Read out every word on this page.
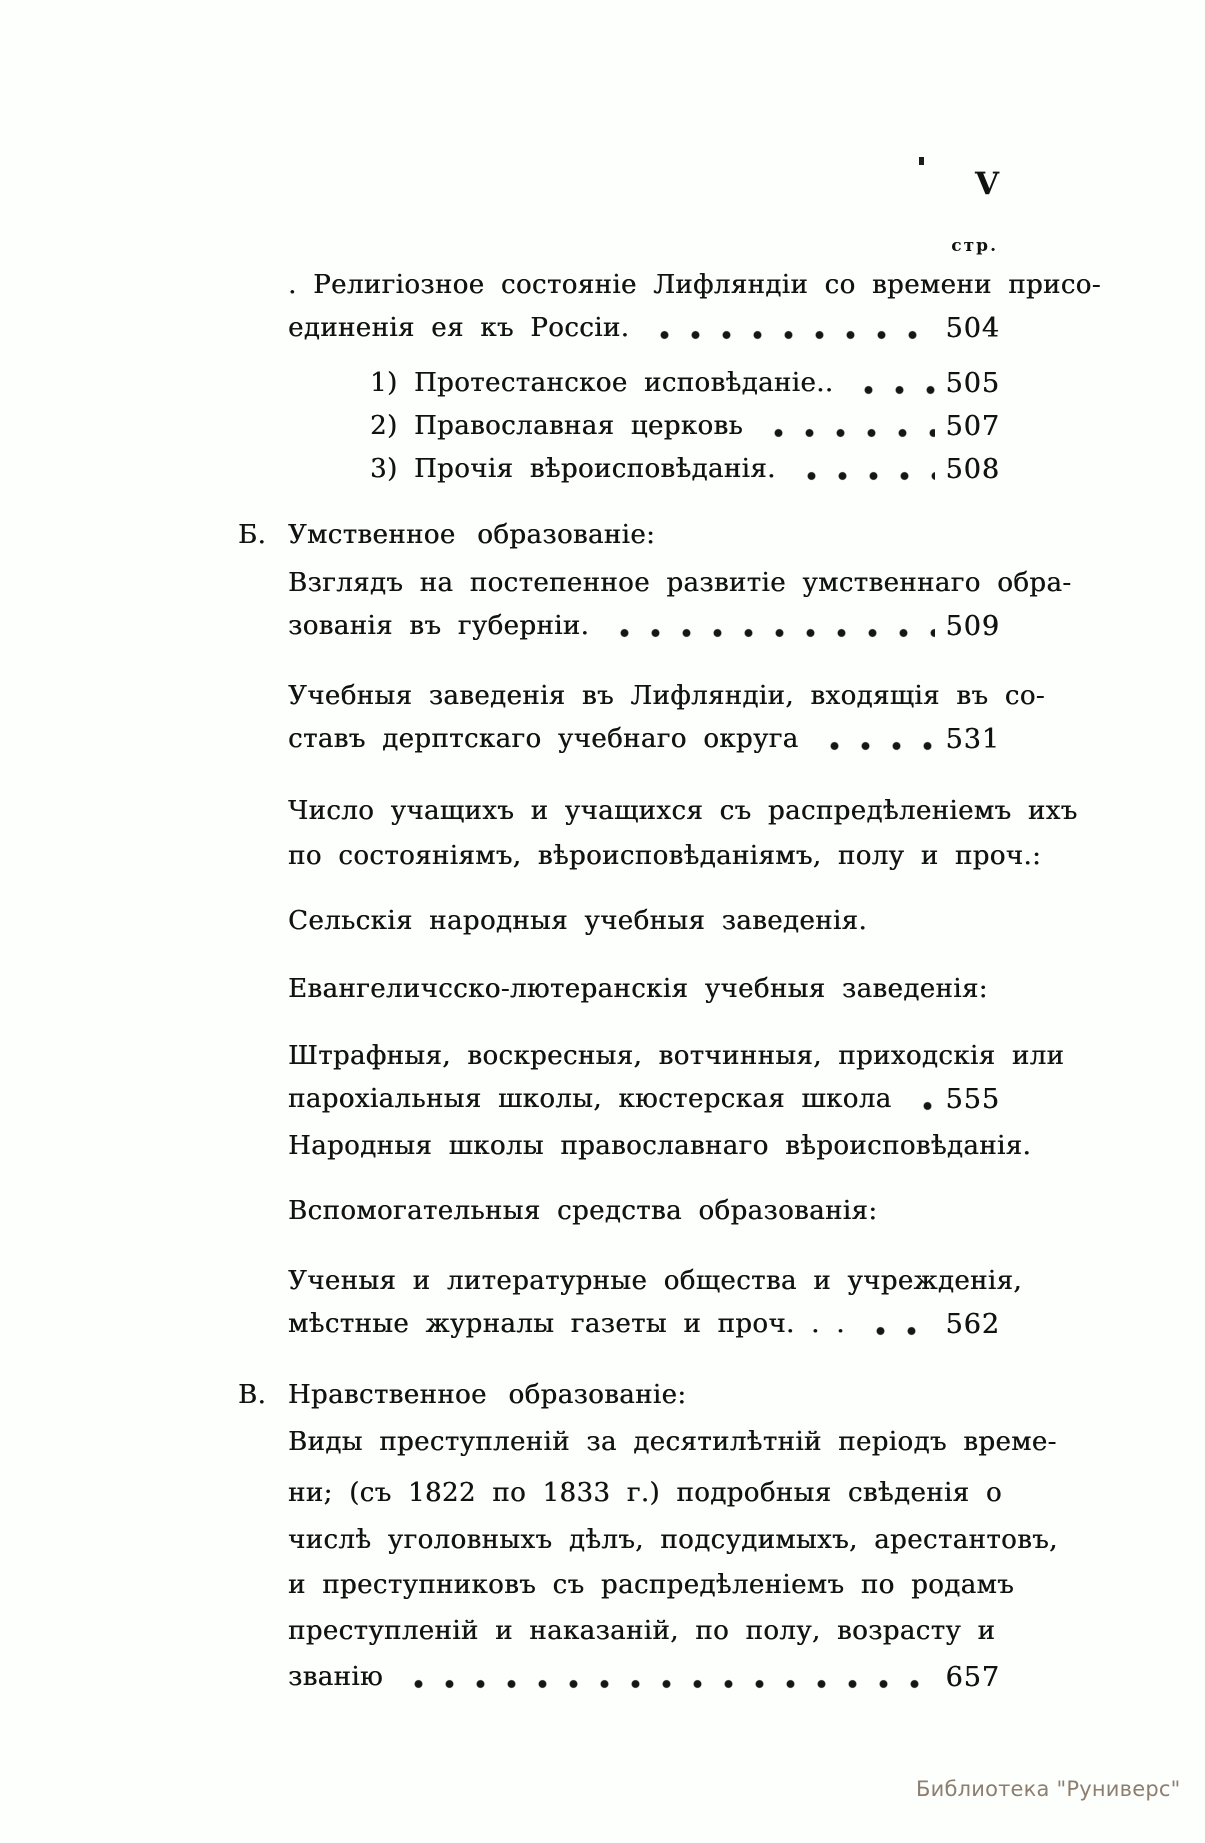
V
стр.
. Религіозное состояніе Лифляндіи со времени присо-
единенія ея къ Россіи.	504
1) Протестанское исповѣданіе..	505
2) Православная церковь	507
3) Прочія вѣроисповѣданія.	508
Б. Умственное образованіе:
Взглядъ на постепенное развитіе умственнаго обра-
зованія въ губерніи.	509
Учебныя заведенія въ Лифляндіи, входящія въ со-
ставъ дерптскаго учебнаго округа	531
Число учащихъ и учащихся съ распредѣленіемъ ихъ
по состояніямъ, вѣроисповѣданіямъ, полу и проч.:
Сельскія народныя учебныя заведенія.
Евангеличсско-лютеранскія учебныя заведенія:
Штрафныя, воскресныя, вотчинныя, приходскія или
парохіальныя школы, кюстерская школа 555
Народныя школы православнаго вѣроисповѣданія.
Вспомогательныя средства образованія:
Ученыя и литературные общества и учрежденія,
мѣстные журналы газеты и проч. . .	562
В. Нравственное образованіе:
Виды преступленій за десятилѣтній періодъ време-
ни; (съ 1822 по 1833 г.) подробныя свѣденія о
числѣ уголовныхъ дѣлъ, подсудимыхъ, арестантовъ,
и преступниковъ съ распредѣленіемъ по родамъ
преступленій и наказаній, по полу, возрасту и
званію	657
Библиотека "Руниверс"
